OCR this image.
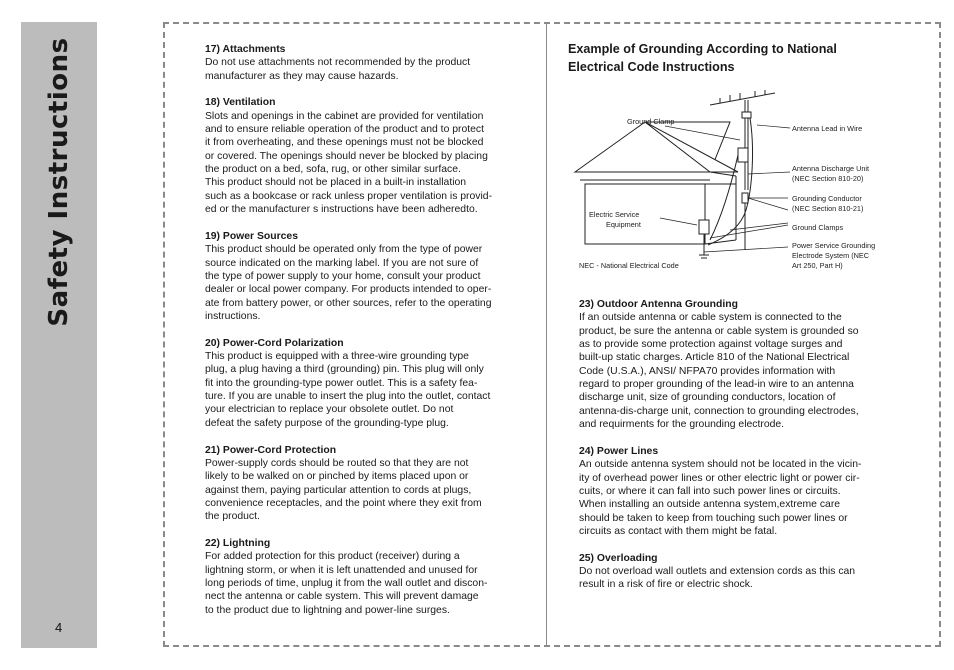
Safety Instructions
4
17) Attachments

Do not use attachments not recommended by the product
manufacturer as they may cause hazards.

18) Ventilation

Slots and openings in the cabinet are provided for ventilation
and to ensure reliable operation of the product and to protect
it from overheating, and these openings must not be blocked
or covered. The openings should never be blocked by placing
the product on a bed, sofa, rug, or other similar surface.
This product should not be placed in a built-in installation
such as a bookcase or rack unless proper ventilation is provid-
ed or the manufacturer s instructions have been adheredto.

19) Power Sources

This product should be operated only from the type of power
source indicated on the marking label. If you are not sure of
the type of power supply to your home, consult your product
dealer or local power company. For products intended to oper-
ate from battery power, or other sources, refer to the operating
instructions.

20) Power-Cord Polarization

This product is equipped with a three-wire grounding type
plug, a plug having a third (grounding) pin. This plug will only
fit into the grounding-type power outlet. This is a safety fea-
ture. If you are unable to insert the plug into the outlet, contact
your electrician to replace your obsolete outlet. Do not
defeat the safety purpose of the grounding-type plug.

21) Power-Cord Protection

Power-supply cords should be routed so that they are not
likely to be walked on or pinched by items placed upon or
against them, paying particular attention to cords at plugs,
convenience receptacles, and the point where they exit from
the product.

22) Lightning

For added protection for this product (receiver) during a
lightning storm, or when it is left unattended and unused for
long periods of time, unplug it from the wall outlet and discon-
nect the antenna or cable system. This will prevent damage
to the product due to lightning and power-line surges.

Example of Grounding According to National
Electrical Code Instructions
Ground Clamp
Antenna Lead in Wire
Antenna Discharge Unit
(NEC Section 810-20)
Grounding Conductor
(NEC Section 810-21)
Electric Service
Equipment	Ground Clamps
Power Service Grounding
Electrode System (NEC
Art 250, Part H)
NEC - National Electrical Code
23) Outdoor Antenna Grounding

If an outside antenna or cable system is connected to the
product, be sure the antenna or cable system is grounded so
as to provide some protection against voltage surges and
built-up static charges. Article 810 of the National Electrical
Code (U.S.A.), ANSI/ NFPA70 provides information with
regard to proper grounding of the lead-in wire to an antenna
discharge unit, size of grounding conductors, location of
antenna-dis-charge unit, connection to grounding electrodes,
and requirments for the grounding electrode.

24) Power Lines

An outside antenna system should not be located in the vicin-
ity of overhead power lines or other electric light or power cir-
cuits, or where it can fall into such power lines or circuits.
When installing an outside antenna system,extreme care
should be taken to keep from touching such power lines or
circuits as contact with them might be fatal.

25) Overloading

Do not overload wall outlets and extension cords as this can
result in a risk of fire or electric shock.
